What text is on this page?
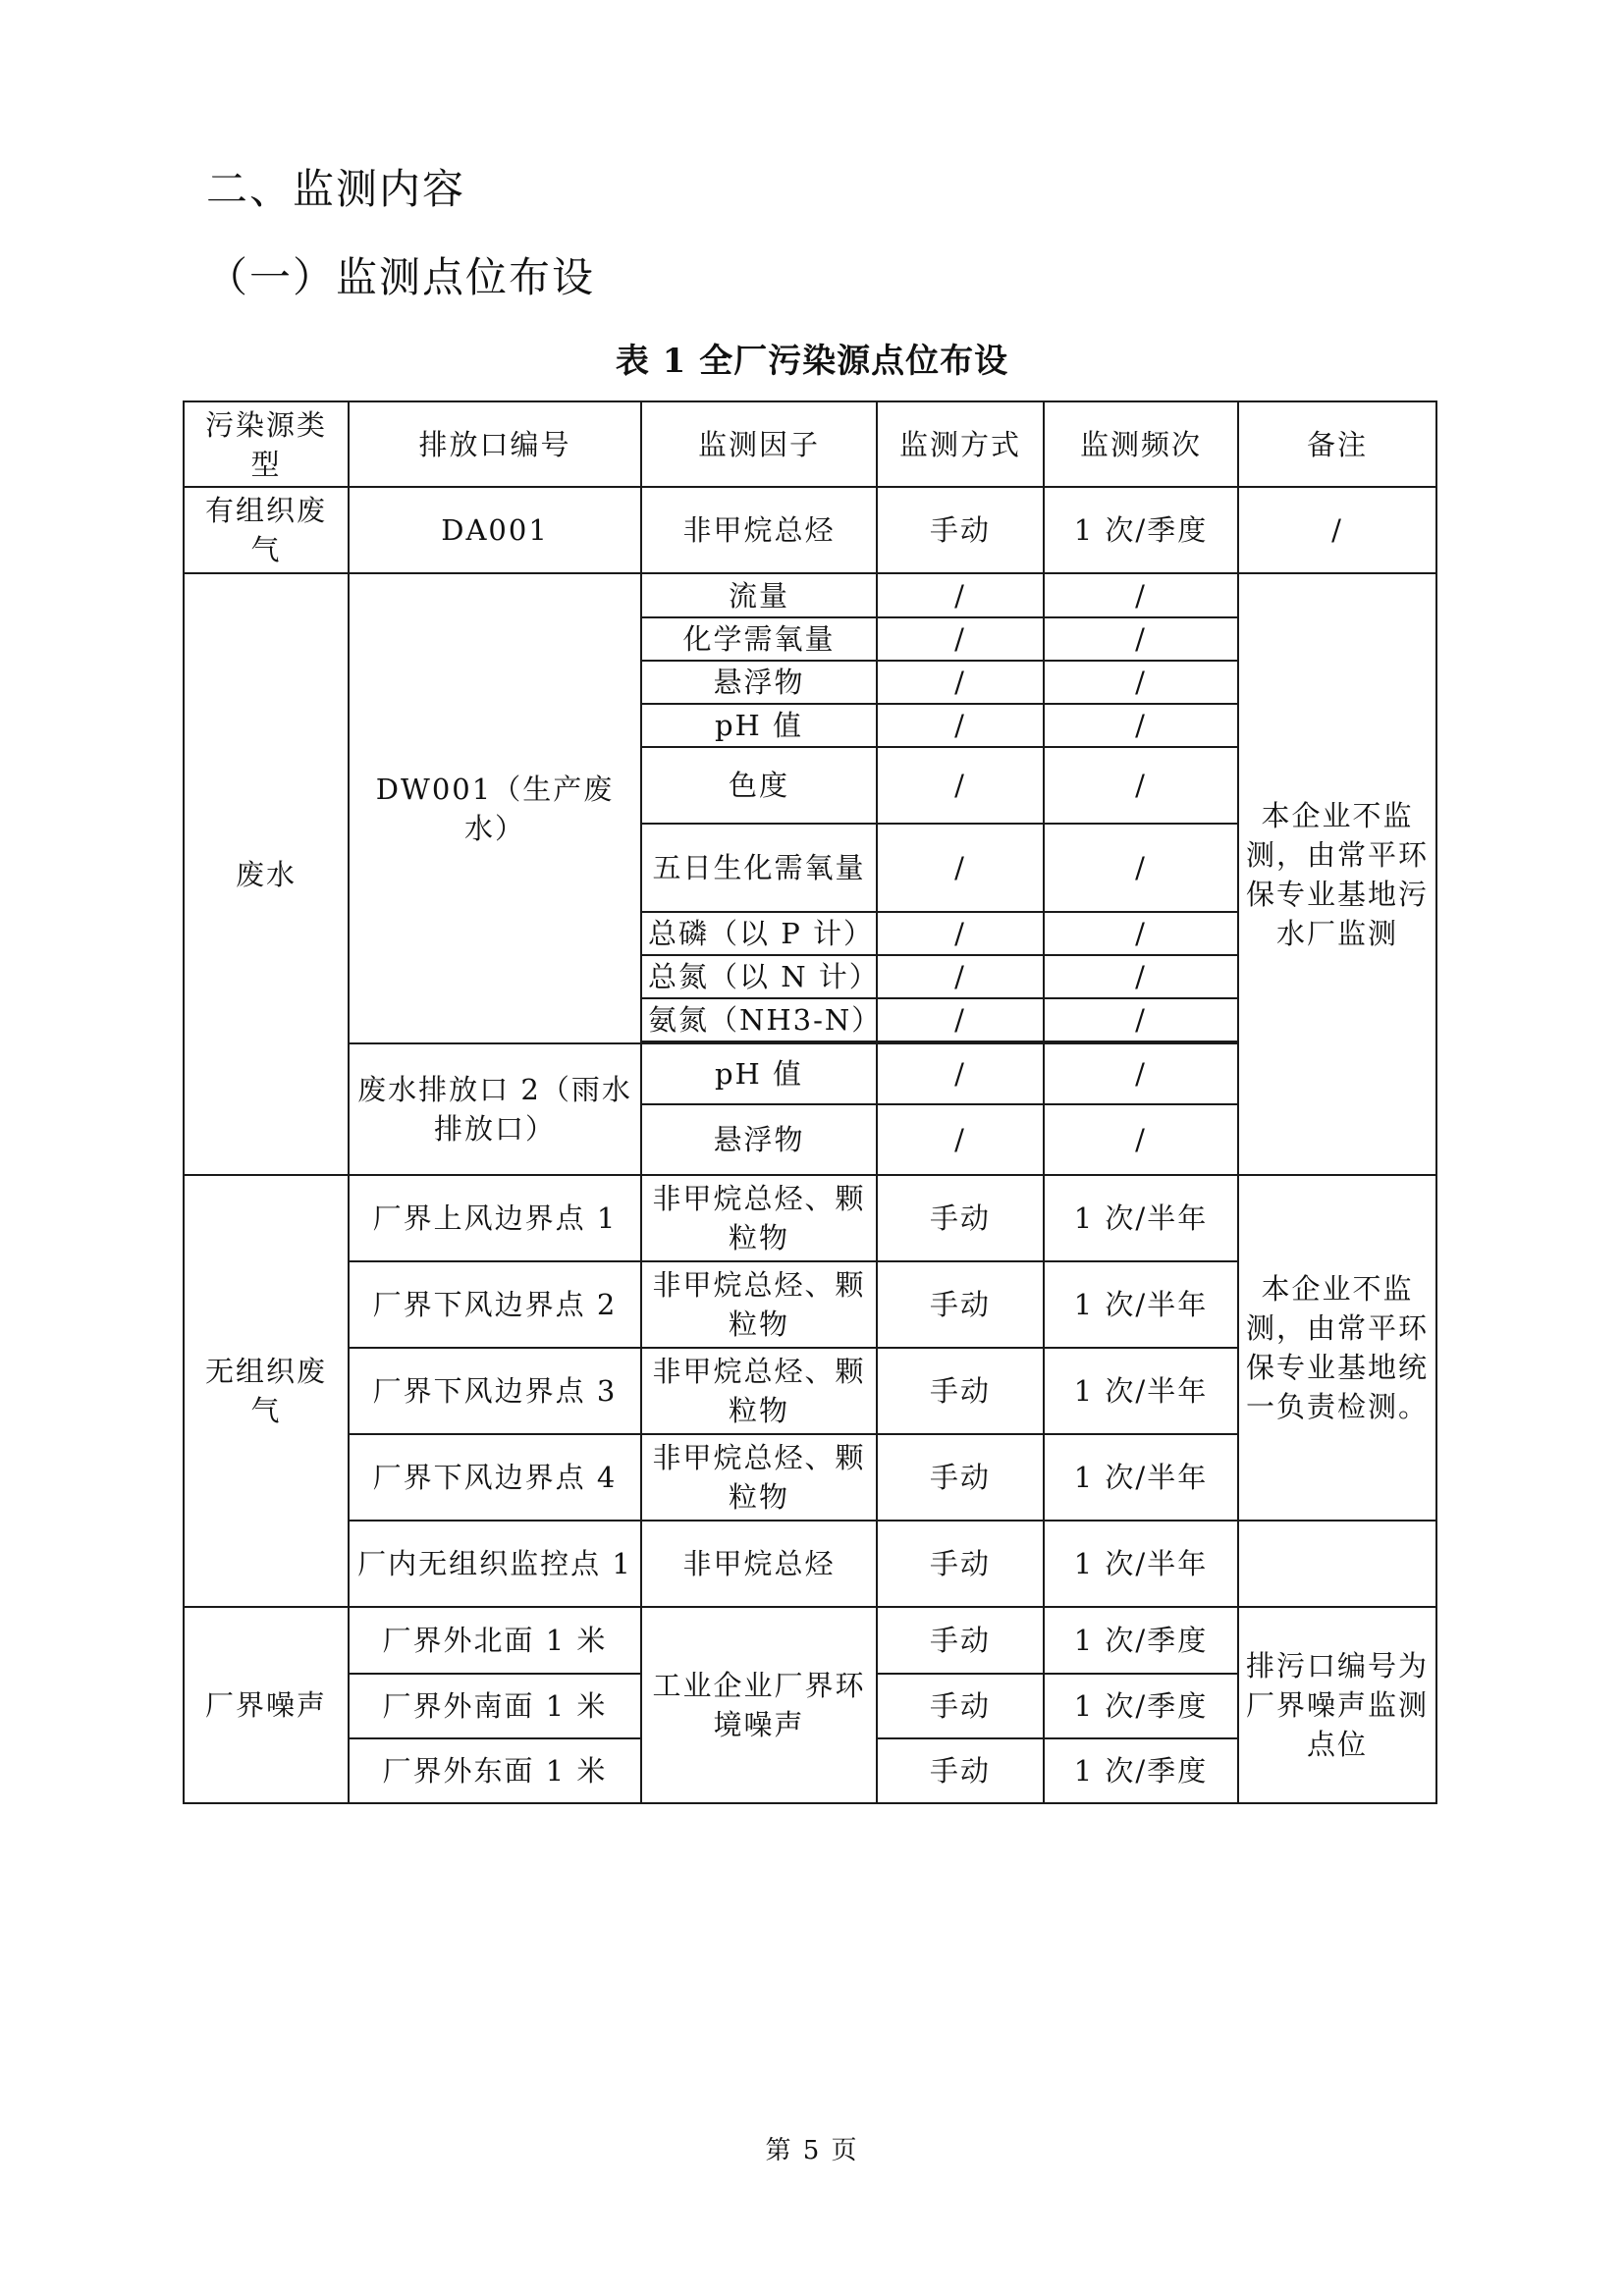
二、监测内容
（一）监测点位布设
表 1 全厂污染源点位布设
污染源类型	排放口编号	监测因子	监测方式	监测频次	备注
有组织废气	DA001	非甲烷总烃	手动	1 次/季度	/
废水	DW001（生产废水）	流量	/	/	本企业不监测，由常平环保专业基地污水厂监测
		化学需氧量	/	/	
		悬浮物	/	/	
		pH 值	/	/	
		色度	/	/	
		五日生化需氧量	/	/	
		总磷（以 P 计）	/	/	
		总氮（以 N 计）	/	/	
		氨氮（NH3-N）	/	/	

	废水排放口 2（雨水排放口）	pH 值	/	/	
		悬浮物	/	/	
无组织废气	厂界上风边界点 1	非甲烷总烃、颗粒物	手动	1 次/半年	本企业不监测，由常平环保专业基地统一负责检测。
	厂界下风边界点 2	非甲烷总烃、颗粒物	手动	1 次/半年	
	厂界下风边界点 3	非甲烷总烃、颗粒物	手动	1 次/半年	
	厂界下风边界点 4	非甲烷总烃、颗粒物	手动	1 次/半年	
	厂内无组织监控点 1	非甲烷总烃	手动	1 次/半年	
厂界噪声	厂界外北面 1 米	工业企业厂界环境噪声	手动	1 次/季度	排污口编号为厂界噪声监测点位
	厂界外南面 1 米		手动	1 次/季度	
	厂界外东面 1 米		手动	1 次/季度	
第 5 页
